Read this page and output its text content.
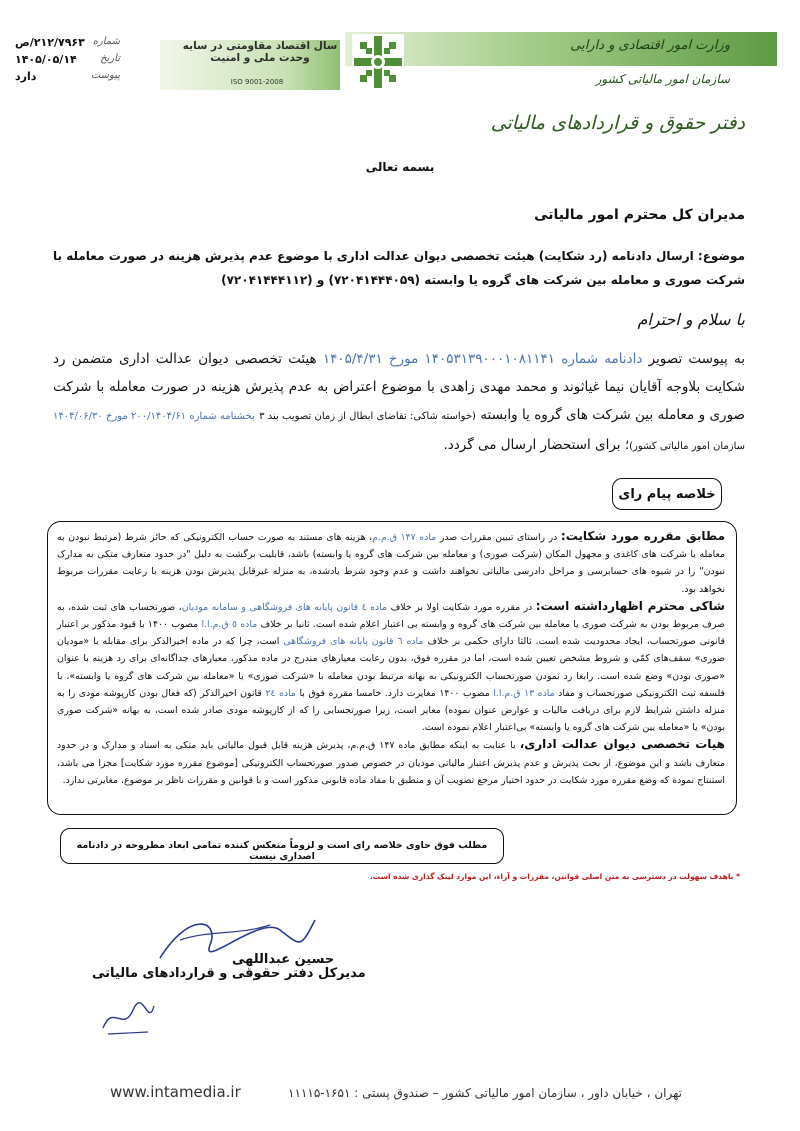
وزارت امور اقتصادی و دارایی
سازمان امور مالیاتی کشور
سال اقتصاد مقاومتی در سایه وحدت ملی و امنیت
ISO 9001-2008
دفتر حقوق و قراردادهای مالیاتی
شماره
۲۱۲/۷۹۶۳/ص
تاریخ
۱۴۰۵/۰۵/۱۴
پیوست
دارد
بسمه تعالی
مدیران کل محترم امور مالیاتی
موضوع: ارسال دادنامه (رد شکایت) هیئت تخصصی دیوان عدالت اداری با موضوع عدم پذیرش هزینه در صورت معامله با شرکت صوری و معامله بین شرکت های گروه یا وابسته (۷۲۰۴۱۴۴۴۰۵۹) و (۷۲۰۴۱۴۴۴۱۱۲)
با سلام و احترام
به پیوست تصویر دادنامه شماره ۱۴۰۵۳۱۳۹۰۰۰۱۰۸۱۱۴۱ مورخ ۱۴۰۵/۴/۳۱ هیئت تخصصی دیوان عدالت اداری متضمن رد شکایت بلاوجه آقایان نیما غیاثوند و محمد مهدی زاهدی با موضوع اعتراض به عدم پذیرش هزینه در صورت معامله با شرکت صوری و معامله بین شرکت های گروه یا وابسته (خواسته شاکی: تقاضای ابطال از زمان تصویب بند ۳ بخشنامه شماره ۲۰۰/۱۴۰۴/۶۱ مورخ ۱۴۰۴/۰۶/۳۰ سازمان امور مالیاتی کشور)؛ برای استحضار ارسال می گردد.
خلاصه پیام رای

مطابق مقرره مورد شکایت: در راستای تبیین مقررات صدر ماده ۱۴۷ ق.م.م، هزینه های مستند به صورت حساب الکترونیکی که حائز شرط (مرتبط نبودن به معامله با شرکت های کاغذی و مجهول المکان (شرکت صوری) و معامله بین شرکت های گروه یا وابسته) باشد، قابلیت برگشت به دلیل "در حدود متعارف متکی به مدارک نبودن" را در شیوه های حسابرسی و مراحل دادرسی مالیاتی نخواهند داشت و عدم وجود شرط یادشده، به منزله غیرقابل پذیرش بودن هزینه با رعایت مقررات مربوط نخواهد بود.

شاکی محترم اظهارداشته است: در مقرره مورد شکایت اولا بر خلاف ماده ٤ قانون پایانه های فروشگاهی و سامانه مودیان، صورتحساب های ثبت شده، به صرف مربوط بودن به شرکت صوری یا معامله بین شرکت های گروه و وابسته بی اعتبار اعلام شده است. ثانیا بر خلاف ماده ٥ ق.م.ا.ا مصوب ۱۴۰۰ با قیود مذکور بر اعتبار قانونی صورتحساب، ایجاد محدودیت شده است. ثالثا دارای حکمی بر خلاف ماده ٦ قانون پایانه های فروشگاهی است، چرا که در ماده اخیرالذکر برای مقابله با «مودیان صوری» سقف‌های کمّی و شروط مشخص تعیین شده است، اما در مقرره فوق، بدون رعایت معیارهای مندرج در ماده مذکور، معیارهای جداگانه‌ای برای رد هزینه با عنوان «صوری بودن» وضع شده است. رابعا رد نمودن صورتحساب الکترونیکی به بهانه مرتبط بودن معامله با «شرکت صوری» یا «معامله بین شرکت های گروه یا وابسته»، با فلسفه ثبت الکترونیکی صورتحساب و مفاد ماده ۱۳ ق.م.ا.ا مصوب ۱۴۰۰ مغایرت دارد. خامسا مقرره فوق با ماده ۲٤ قانون اخیرالذکر (که فعال بودن کارپوشه مودی را به منزله داشتن شرایط لازم برای دریافت مالیات و عوارض عنوان نموده) مغایر است، زیرا صورتحسابی را که از کارپوشه مودی صادر شده است، به بهانه «شرکت صوری بودن» یا «معامله بین شرکت های گروه یا وابسته» بی‌اعتبار اعلام نموده است.

هیات تخصصی دیوان عدالت اداری، با عنایت به اینکه مطابق ماده ۱۴۷ ق.م.م، پذیرش هزینه قابل قبول مالیاتی باید متکی به اسناد و مدارک و در حدود متعارف باشد و این موضوع، از بحث پذیرش و عدم پذیرش اعتبار مالیاتی مودیان در خصوص صدور صورتحساب الکترونیکی [موضوع مقرره مورد شکایت] مجزا می باشد، استنتاج نموده که وضع مقرره مورد شکایت در حدود اختیار مرجع تصویب آن و منطبق با مفاد ماده قانونی مذکور است و با قوانین و مقررات ناظر بر موضوع، مغایرتی ندارد.

مطلب فوق حاوی خلاصه رای است و لزوماً منعکس کننده تمامی ابعاد مطروحه در دادنامه اصداری نیست
* باهدف سهولت در دسترسی به متن اصلی قوانین، مقررات و آراء، این موارد لینک گذاری شده است.
حسین عبداللهی
مدیرکل دفتر حقوقی و قراردادهای مالیاتی
تهران ، خیابان داور ، سازمان امور مالیاتی کشور – صندوق پستی : ۱۶۵۱-۱۱۱۱۵
www.intamedia.ir
